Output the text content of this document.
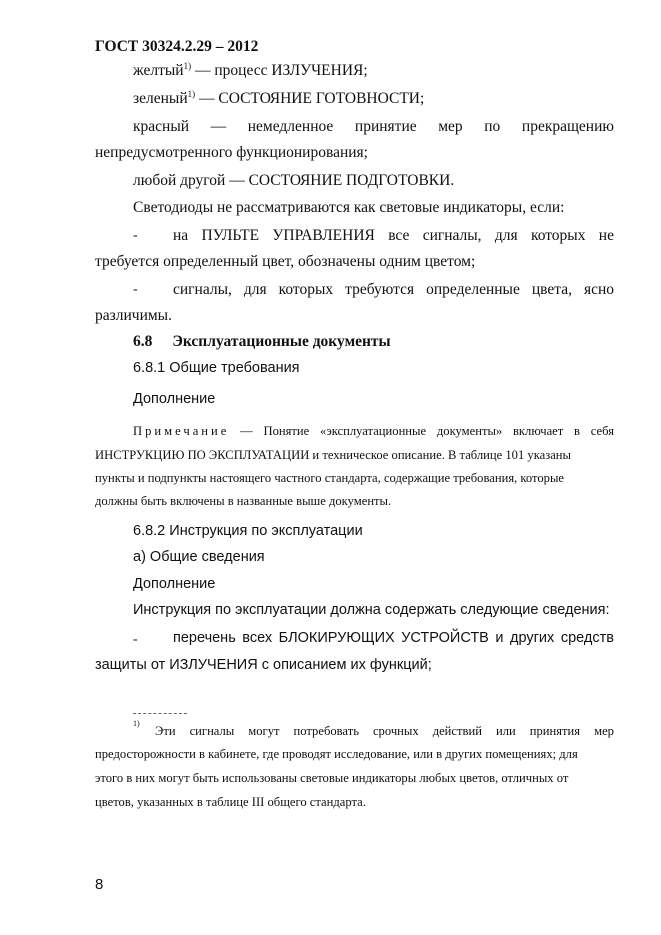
ГОСТ 30324.2.29 – 2012
желтый$^{1)}$ — процесс ИЗЛУЧЕНИЯ;
зеленый$^{1)}$ — СОСТОЯНИЕ ГОТОВНОСТИ;
красный — немедленное принятие мер по прекращению
непредусмотренного функционирования;
любой другой — СОСТОЯНИЕ ПОДГОТОВКИ.
Светодиоды не рассматриваются как световые индикаторы, если:
- на ПУЛЬТЕ УПРАВЛЕНИЯ все сигналы, для которых не
требуется определенный цвет, обозначены одним цветом;
- сигналы, для которых требуются определенные цвета, ясно
различимы.
6.8 Эксплуатационные документы
6.8.1 Общие требования
Дополнение
Примечание — Понятие «эксплуатационные документы» включает в себя
ИНСТРУКЦИЮ ПО ЭКСПЛУАТАЦИИ и техническое описание. В таблице 101 указаны
пункты и подпункты настоящего частного стандарта, содержащие требования, которые
должны быть включены в названные выше документы.
6.8.2 Инструкция по эксплуатации
а) Общие сведения
Дополнение
Инструкция по эксплуатации должна содержать следующие сведения:
- перечень всех БЛОКИРУЮЩИХ УСТРОЙСТВ и других средств
защиты от ИЗЛУЧЕНИЯ с описанием их функций;
1)
Эти сигналы могут потребовать срочных действий или принятия мер
предосторожности в кабинете, где проводят исследование, или в других помещениях; для
этого в них могут быть использованы световые индикаторы любых цветов, отличных от
цветов, указанных в таблице III общего стандарта.
8
